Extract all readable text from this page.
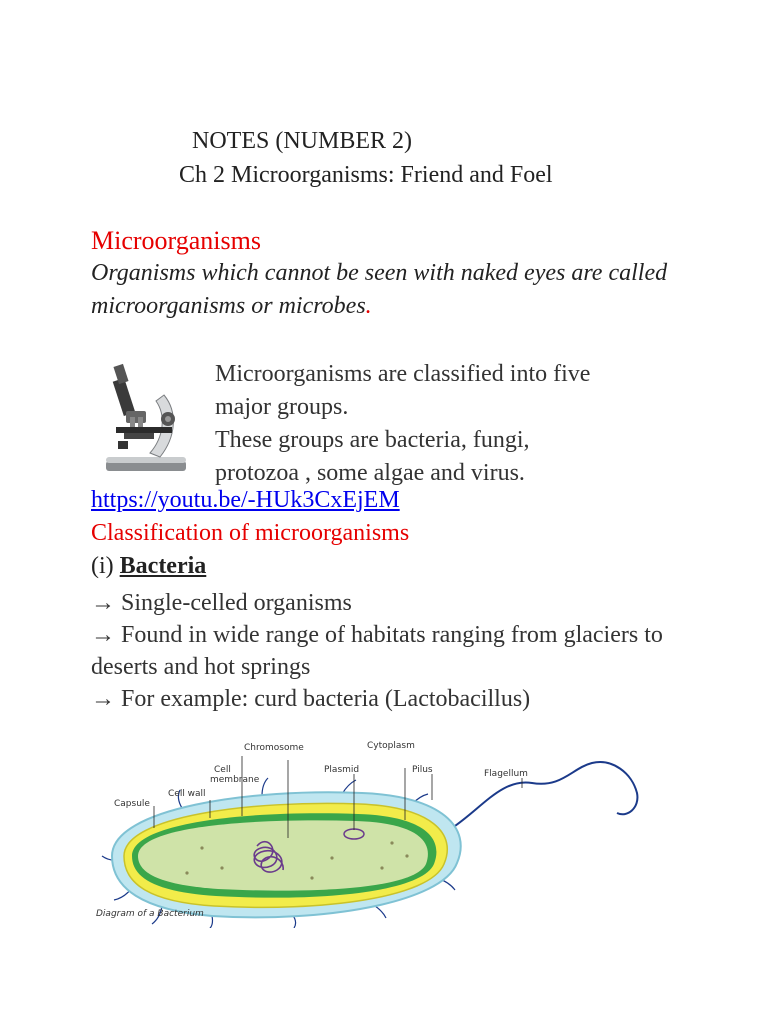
NOTES (NUMBER 2)
Ch 2 Microorganisms: Friend and Foel
Microorganisms
Organisms which cannot be seen with naked eyes are called microorganisms or microbes.
Microorganisms are classified into five
major groups.
These groups are bacteria, fungi,
protozoa , some algae and virus.
https://youtu.be/-HUk3CxEjEM
Classification of microorganisms
(i) Bacteria
→ Single-celled organisms
→ Found in wide range of habitats ranging from glaciers to deserts and hot springs
→ For example: curd bacteria (Lactobacillus)
Chromosome	Cytoplasm
Cell
membrane
Plasmid	Pilus	Flagellum
Cell wall
Capsule
Diagram of a Bacterium
